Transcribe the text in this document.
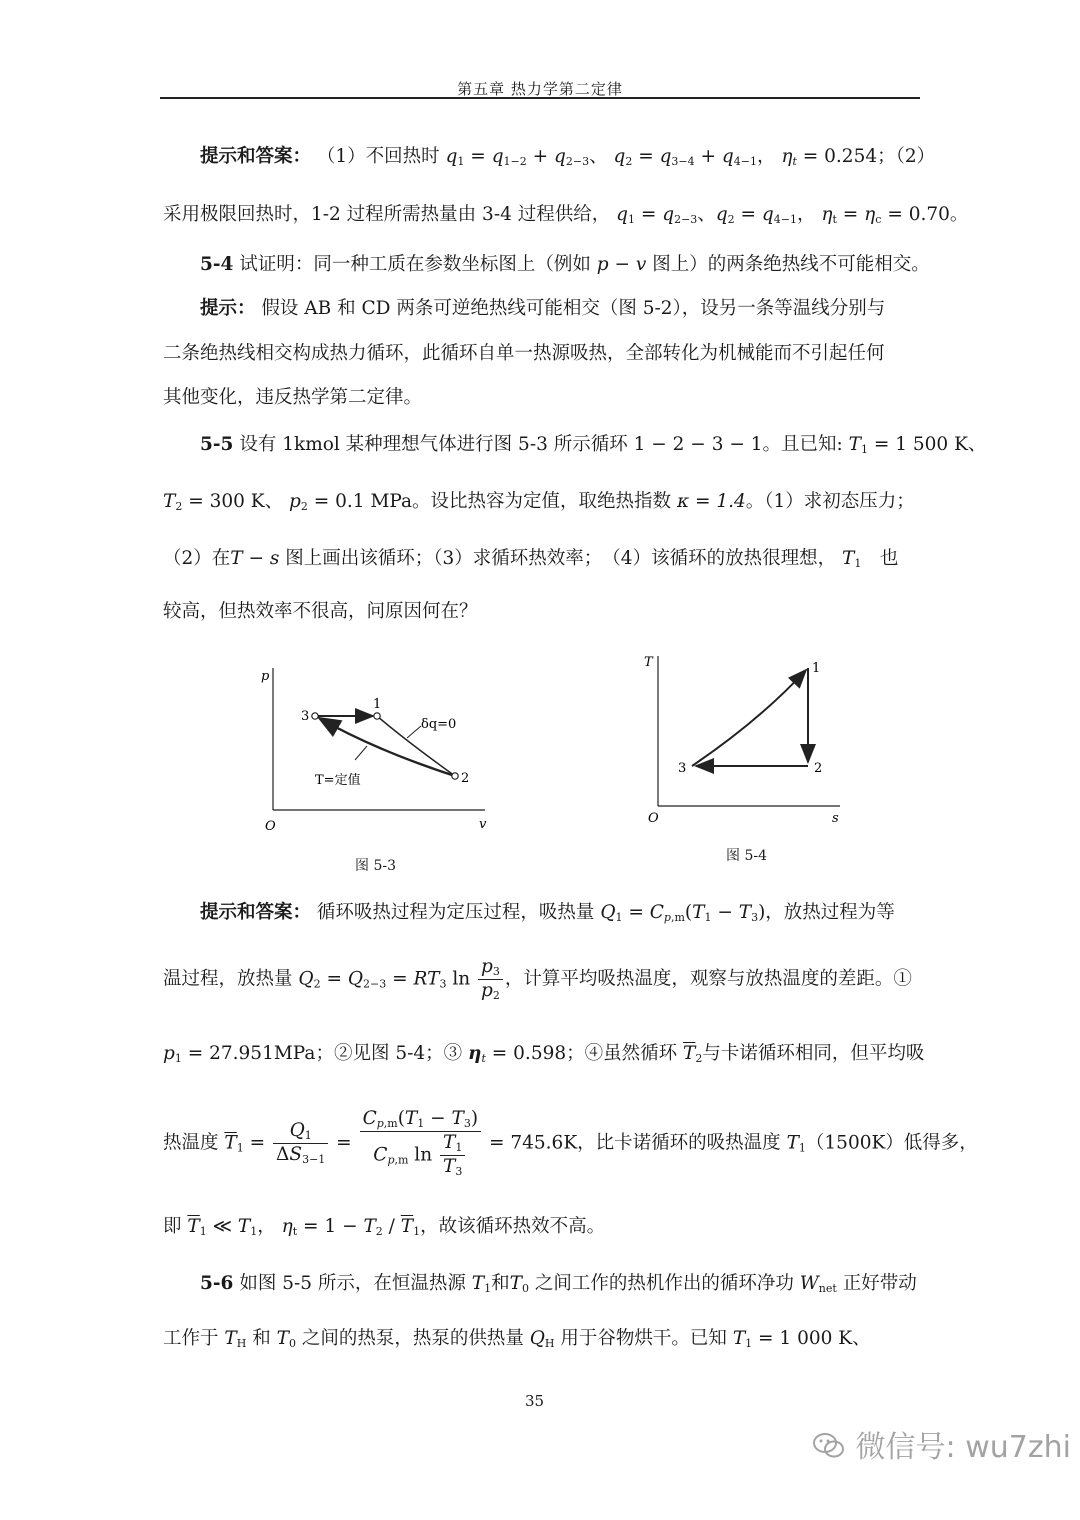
第五章 热力学第二定律
提示和答案： （1）不回热时 $q_1 = q_{1-2} + q_{2-3}$、 $q_2 = q_{3-4} + q_{4-1}$， $\eta_t = 0.254$；（2）
采用极限回热时，1-2 过程所需热量由 3-4 过程供给， $q_1 = q_{2-3}$、$q_2 = q_{4-1}$， $\eta_t = \eta_c = 0.70$。
5-4 试证明：同一种工质在参数坐标图上（例如 p − v 图上）的两条绝热线不可能相交。
提示： 假设 AB 和 CD 两条可逆绝热线可能相交（图 5-2），设另一条等温线分别与
二条绝热线相交构成热力循环，此循环自单一热源吸热，全部转化为机械能而不引起任何
其他变化，违反热学第二定律。
5-5 设有 1kmol 某种理想气体进行图 5-3 所示循环 1 − 2 − 3 − 1。且已知: $T_1 = 1$ 500 K、
$T_2 = 300$ K、 $p_2 = 0.1$ MPa。设比热容为定值，取绝热指数 κ = 1.4。（1）求初态压力；
（2）在T − s 图上画出该循环；（3）求循环热效率；　（4）该循环的放热很理想， $T_1$　 也
较高，但热效率不很高，问原因何在？
p
v
O
3
1
2
δq=0
T=定值
图 5-3
T
s
O
1
2
3
图 5-4
提示和答案： 循环吸热过程为定压过程，吸热量 $Q_1 = C_{p,m}(T_1 - T_3)$，放热过程为等
温过程，放热量 $Q_2 = Q_{2-3} = RT_3$ $\ln \frac{p_3}{p_2}$ ，计算平均吸热温度，观察与放热温度的差距。①
$p_1 = 27.951MPa$；②见图 5-4；③ $\eta_t = 0.598$；④虽然循环 $\overline{T}_2$与卡诺循环相同，但平均吸
热温度 $\overline{T}_1 = \frac{Q_1}{\Delta S_{3-1}} = \frac{C_{p,m}(T_1 - T_3)}{C_{p,m} \ln \frac{T_1}{T_3}} = 745.6K$，比卡诺循环的吸热温度 $T_1(1500K)$低得多，
即 $\overline{T}_1$ ≪ $T_1$， $\eta_t = 1 - T_2 / \overline{T}_1$，故该循环热效不高。
5-6 如图 5-5 所示，在恒温热源 $T_1$和$T_0$ 之间工作的热机作出的循环净功 $W_{net}$ 正好带动
工作于 $T_H$ 和 $T_0$ 之间的热泵，热泵的供热量 $Q_H$ 用于谷物烘干。已知 $T_1 = 1$ 000 K、
35
微信号: wu7zhi
